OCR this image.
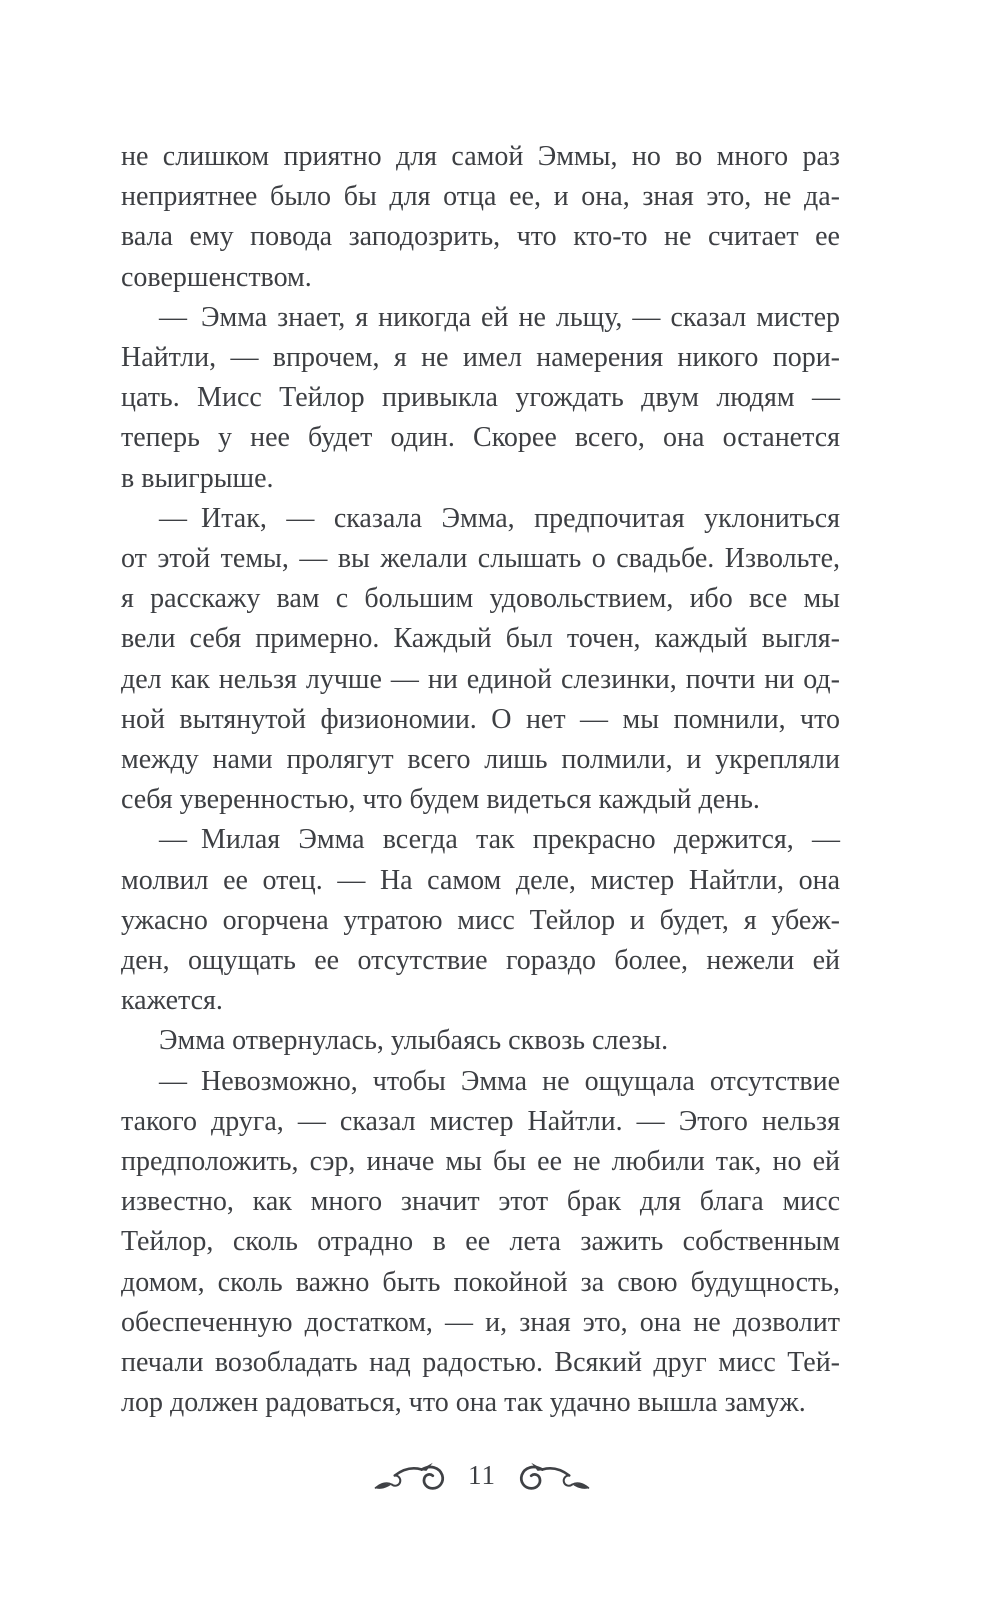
не слишком приятно для самой Эммы, но во много раз
неприятнее было бы для отца ее, и она, зная это, не да-
вала ему повода заподозрить, что кто-то не считает ее
совершенством.
— Эмма знает, я никогда ей не льщу, — сказал мистер
Найтли, — впрочем, я не имел намерения никого пори-
цать. Мисс Тейлор привыкла угождать двум людям —
теперь у нее будет один. Скорее всего, она останется
в выигрыше.
— Итак, — сказала Эмма, предпочитая уклониться
от этой темы, — вы желали слышать о свадьбе. Извольте,
я расскажу вам с большим удовольствием, ибо все мы
вели себя примерно. Каждый был точен, каждый выгля-
дел как нельзя лучше — ни единой слезинки, почти ни од-
ной вытянутой физиономии. О нет — мы помнили, что
между нами пролягут всего лишь полмили, и укрепляли
себя уверенностью, что будем видеться каждый день.
— Милая Эмма всегда так прекрасно держится, —
молвил ее отец. — На самом деле, мистер Найтли, она
ужасно огорчена утратою мисс Тейлор и будет, я убеж-
ден, ощущать ее отсутствие гораздо более, нежели ей
кажется.
Эмма отвернулась, улыбаясь сквозь слезы.
— Невозможно, чтобы Эмма не ощущала отсутствие
такого друга, — сказал мистер Найтли. — Этого нельзя
предположить, сэр, иначе мы бы ее не любили так, но ей
известно, как много значит этот брак для блага мисс
Тейлор, сколь отрадно в ее лета зажить собственным
домом, сколь важно быть покойной за свою будущность,
обеспеченную достатком, — и, зная это, она не дозволит
печали возобладать над радостью. Всякий друг мисс Тей-
лор должен радоваться, что она так удачно вышла замуж.
11
